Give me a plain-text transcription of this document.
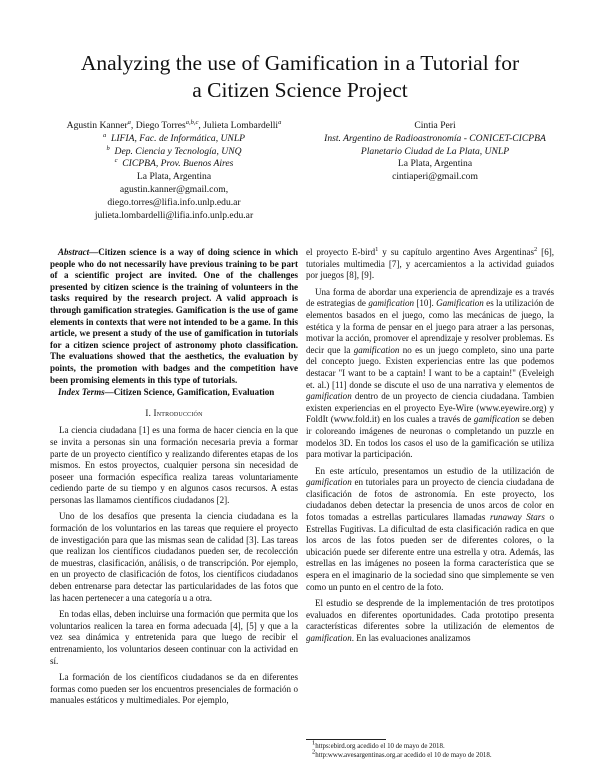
Analyzing the use of Gamification in a Tutorial for
a Citizen Science Project
Agustin Kanner$^a$, Diego Torres$^{a,b,c}$, Julieta Lombardelli$^a$
$^a$ LIFIA, Fac. de Informática, UNLP
$^b$ Dep. Ciencia y Tecnología, UNQ
$^c$ CICPBA, Prov. Buenos Aires
La Plata, Argentina
agustin.kanner@gmail.com,
diego.torres@lifia.info.unlp.edu.ar
julieta.lombardelli@lifia.info.unlp.edu.ar
Cintia Peri
Inst. Argentino de Radioastronomía - CONICET-CICPBA
Planetario Ciudad de La Plata, UNLP
La Plata, Argentina
cintiaperi@gmail.com

Abstract—Citizen science is a way of doing science in which people who do not necessarily have previous training to be part of a scientific project are invited. One of the challenges presented by citizen science is the training of volunteers in the tasks required by the research project. A valid approach is through gamification strategies. Gamification is the use of game elements in contexts that were not intended to be a game. In this article, we present a study of the use of gamification in tutorials for a citizen science project of astronomy photo classification. The evaluations showed that the aesthetics, the evaluation by points, the promotion with badges and the competition have been promising elements in this type of tutorials.

Index Terms—Citizen Science, Gamification, Evaluation

I. Introducción

La ciencia ciudadana [1] es una forma de hacer ciencia en la que se invita a personas sin una formación necesaria previa a formar parte de un proyecto científico y realizando diferentes etapas de los mismos. En estos proyectos, cualquier persona sin necesidad de poseer una formación específica realiza tareas voluntariamente cediendo parte de su tiempo y en algunos casos recursos. A estas personas las llamamos científicos ciudadanos [2].

Uno de los desafíos que presenta la ciencia ciudadana es la formación de los voluntarios en las tareas que requiere el proyecto de investigación para que las mismas sean de calidad [3]. Las tareas que realizan los científicos ciudadanos pueden ser, de recolección de muestras, clasificación, análisis, o de transcripción. Por ejemplo, en un proyecto de clasificación de fotos, los científicos ciudadanos deben entrenarse para detectar las particularidades de las fotos que las hacen pertenecer a una categoría u a otra.

En todas ellas, deben incluirse una formación que permita que los voluntarios realicen la tarea en forma adecuada [4], [5] y que a la vez sea dinámica y entretenida para que luego de recibir el entrenamiento, los voluntarios deseen continuar con la actividad en sí.

La formación de los científicos ciudadanos se da en diferentes formas como pueden ser los encuentros presenciales de formación o manuales estáticos y multimediales. Por ejemplo,

el proyecto E-bird$^1$ y su capítulo argentino Aves Argentinas$^2$ [6], tutoriales multimedia [7], y acercamientos a la actividad guiados por juegos [8], [9].

Una forma de abordar una experiencia de aprendizaje es a través de estrategias de gamification [10]. Gamification es la utilización de elementos basados en el juego, como las mecánicas de juego, la estética y la forma de pensar en el juego para atraer a las personas, motivar la acción, promover el aprendizaje y resolver problemas. Es decir que la gamification no es un juego completo, sino una parte del concepto juego. Existen experiencias entre las que podemos destacar "I want to be a captain! I want to be a captain!" (Eveleigh et. al.) [11] donde se discute el uso de una narrativa y elementos de gamification dentro de un proyecto de ciencia ciudadana. Tambien existen experiencias en el proyecto Eye-Wire (www.eyewire.org) y FoldIt (www.fold.it) en los cuales a través de gamification se deben ir coloreando imágenes de neuronas o completando un puzzle en modelos 3D. En todos los casos el uso de la gamificación se utiliza para motivar la participación.

En este artículo, presentamos un estudio de la utilización de gamification en tutoriales para un proyecto de ciencia ciudadana de clasificación de fotos de astronomía. En este proyecto, los ciudadanos deben detectar la presencia de unos arcos de color en fotos tomadas a estrellas particulares llamadas runaway Stars o Estrellas Fugitivas. La dificultad de esta clasificación radica en que los arcos de las fotos pueden ser de diferentes colores, o la ubicación puede ser diferente entre una estrella y otra. Además, las estrellas en las imágenes no poseen la forma característica que se espera en el imaginario de la sociedad sino que simplemente se ven como un punto en el centro de la foto.

El estudio se desprende de la implementación de tres prototipos evaluados en diferentes oportunidades. Cada prototipo presenta características diferentes sobre la utilización de elementos de gamification. En las evaluaciones analizamos

$^1$https:ebird.org acedido el 10 de mayo de 2018.
$^2$http:www.avesargentinas.org.ar acedido el 10 de mayo de 2018.
